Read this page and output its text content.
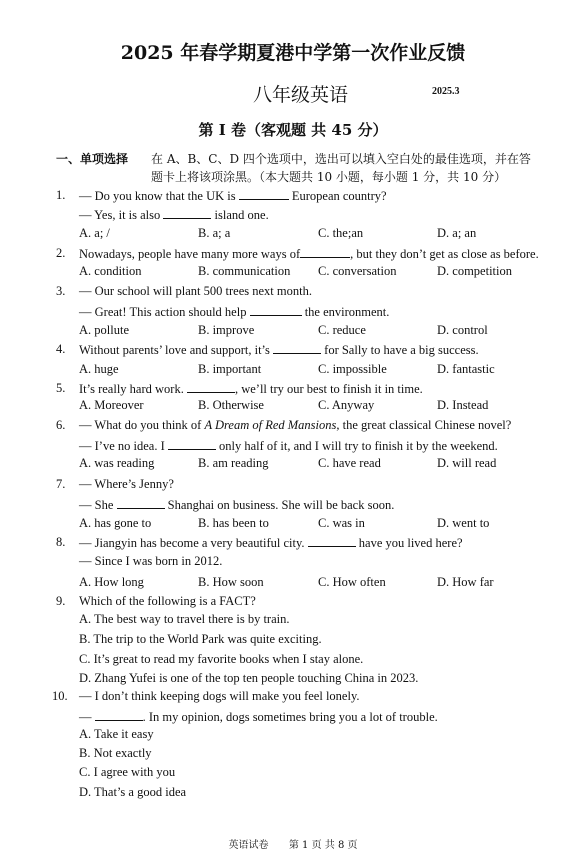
2025 年春学期夏港中学第一次作业反馈
八年级英语	2025.3
第 I 卷（客观题 共 45 分）
一、单项选择 在 A、B、C、D 四个选项中，选出可以填入空白处的最佳选项，并在答
题卡上将该项涂黑。（本大题共 10 小题，每小题 1 分，共 10 分）
1. — Do you know that the UK is	European country?
— Yes, it is also	island one.
A. a; /	B. a; a	C. the;an	D. a; an
2. Nowadays, people have many more ways of	, but they don’t get as close as before.
A. condition	B. communication C. conversation	D. competition
3. — Our school will plant 500 trees next month.
— Great! This action should help	the environment.
A. pollute	B. improve	C. reduce	D. control
4. Without parents’ love and support, it’s	for Sally to have a big success.
A. huge	B. important	C. impossible	D. fantastic
5. It’s really hard work.	, we’ll try our best to finish it in time.
A. Moreover	B. Otherwise	C. Anyway	D. Instead
6. — What do you think of A Dream of Red Mansions, the great classical Chinese novel?
— I’ve no idea. I	only half of it, and I will try to finish it by the weekend.
A. was reading	B. am reading	C. have read	D. will read
7. — Where’s Jenny?
— She	Shanghai on business. She will be back soon.
A. has gone to	B. has been to	C. was in	D. went to
8. — Jiangyin has become a very beautiful city.	have you lived here?
— Since I was born in 2012.
A. How long	B. How soon	C. How often	D. How far
9. Which of the following is a FACT?
A. The best way to travel there is by train.
B. The trip to the World Park was quite exciting.
C. It’s great to read my favorite books when I stay alone.
D. Zhang Yufei is one of the top ten people touching China in 2023.
10. — I don’t think keeping dogs will make you feel lonely.
—	. In my opinion, dogs sometimes bring you a lot of trouble.
A. Take it easy
B. Not exactly
C. I agree with you
D. That’s a good idea
英语试卷 第 1 页 共 8 页
